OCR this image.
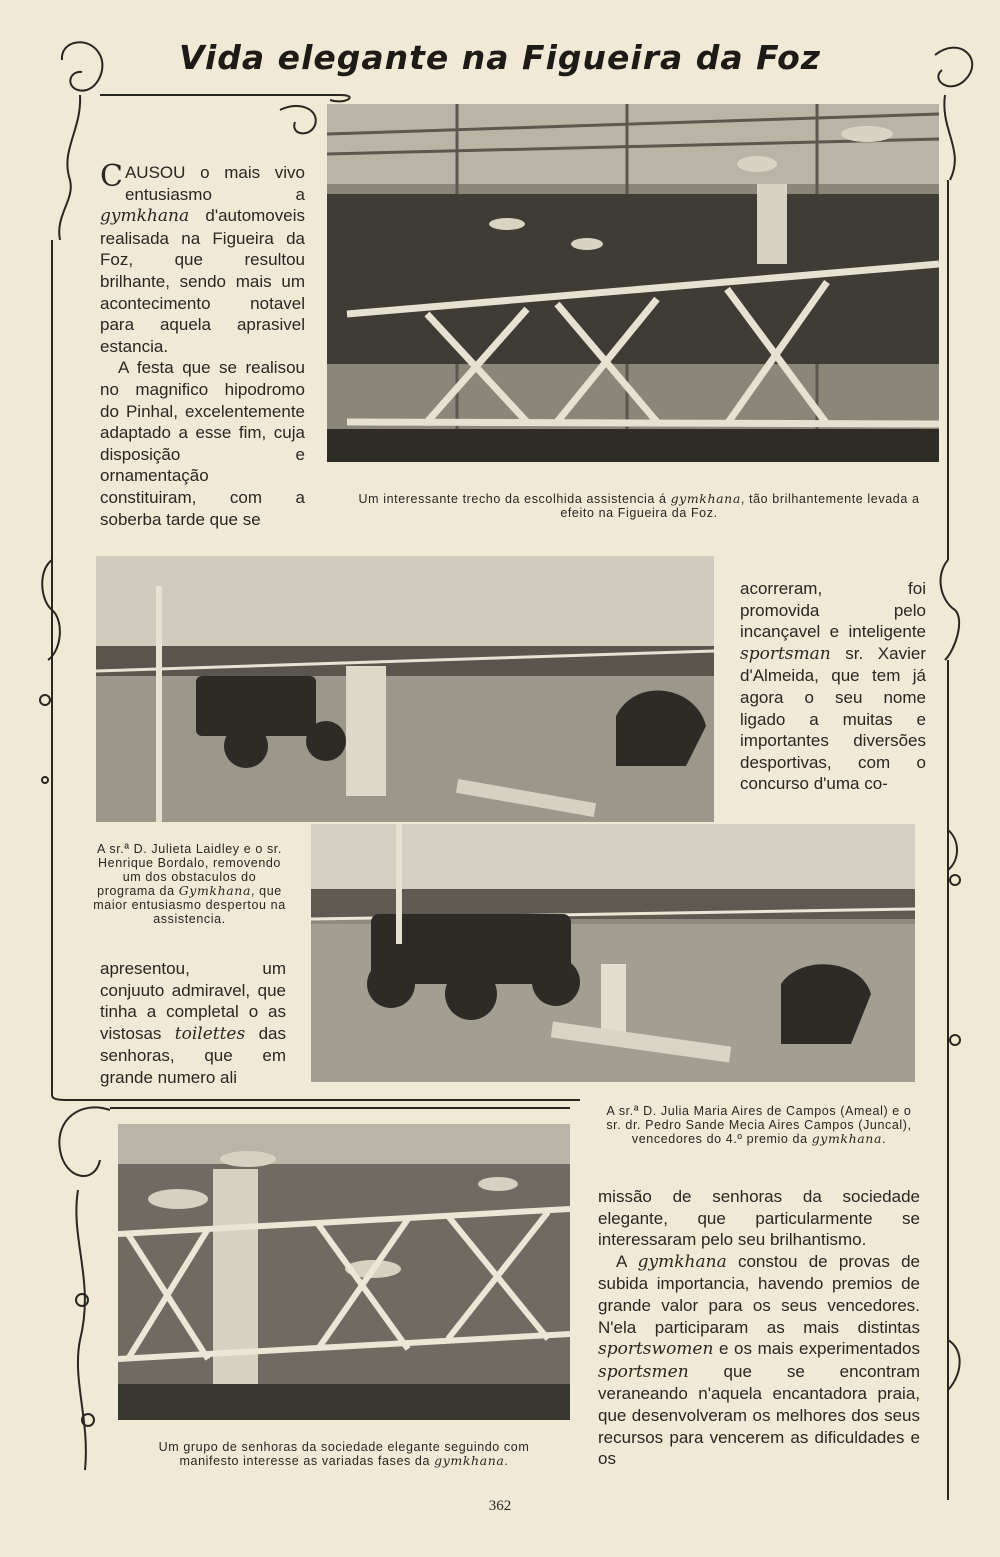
Vida elegante na Figueira da Foz
Um interessante trecho da escolhida assistencia á gymkhana, tão brilhantemente levada a efeito na Figueira da Foz.

CAUSOU o mais vivo entusiasmo a gymkhana d'automoveis realisada na Figueira da Foz, que resultou brilhante, sendo mais um acontecimento notavel para aquela aprasivel estancia.

A festa que se realisou no magnifico hipodromo do Pinhal, excelentemente adaptado a esse fim, cuja disposição e ornamentação constituiram, com a soberba tarde que se

acorreram, foi promovida pelo incançavel e inteligente sportsman sr. Xavier d'Almeida, que tem já agora o seu nome ligado a muitas e importantes diversões desportivas, com o concurso d'uma co-

A sr.ª D. Julieta Laidley e o sr. Henrique Bordalo, removendo um dos obstaculos do programa da Gymkhana, que maior entusiasmo despertou na assistencia.

apresentou, um conjuuto admiravel, que tinha a completal o as vistosas toilettes das senhoras, que em grande numero ali

A sr.ª D. Julia Maria Aires de Campos (Ameal) e o sr. dr. Pedro Sande Mecia Aires Campos (Juncal), vencedores do 4.º premio da gymkhana.
Um grupo de senhoras da sociedade elegante seguindo com manifesto interesse as variadas fases da gymkhana.

missão de senhoras da sociedade elegante, que particularmente se interessaram pelo seu brilhantismo.

A gymkhana constou de provas de subida importancia, havendo premios de grande valor para os seus vencedores. N'ela participaram as mais distintas sportswomen e os mais experimentados sportsmen que se encontram veraneando n'aquela encantadora praia, que desenvolveram os melhores dos seus recursos para vencerem as dificuldades e os

362
